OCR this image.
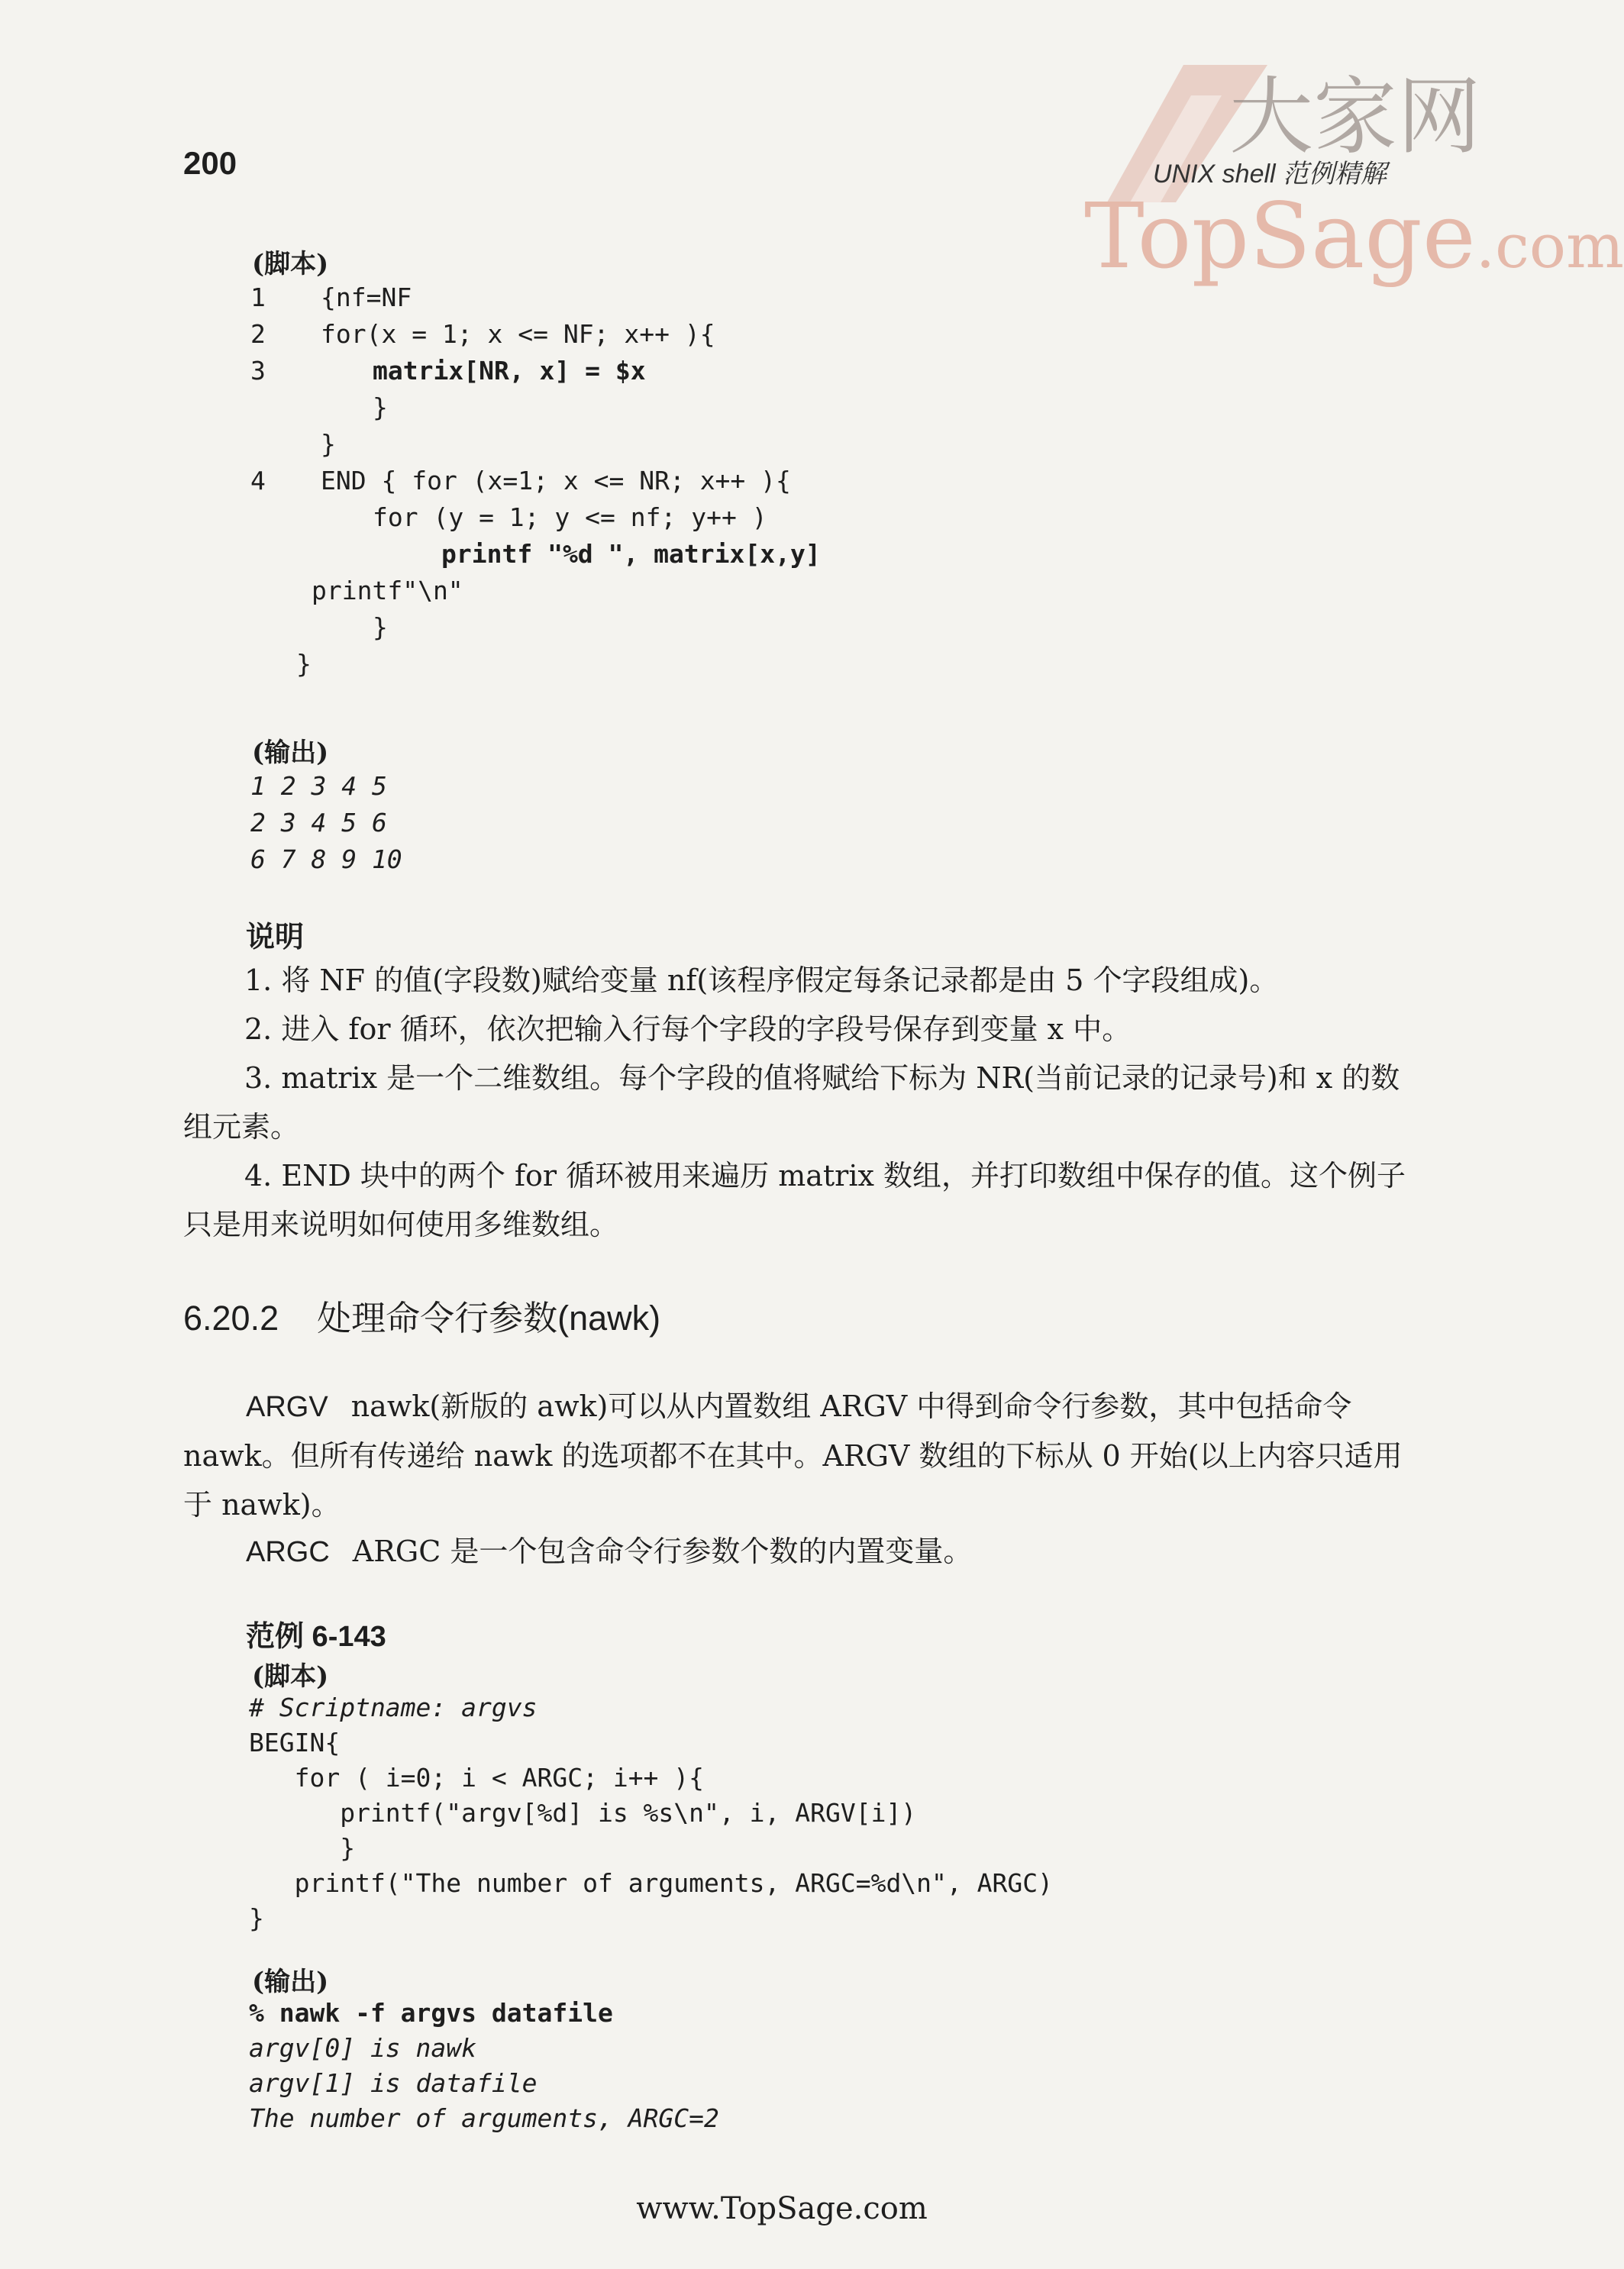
200	大家网
TopSage.com
UNIX shell 范例精解
(脚本)
1 {nf=NF
2 for(x = 1; x <= NF; x++ ){
3	matrix[NR, x] = $x
}
}
4 END { for (x=1; x <= NR; x++ ){
for (y = 1; y <= nf; y++ )
printf "%d ", matrix[x,y]
printf"\n"
}
}
(输出)
1 2 3 4 5
2 3 4 5 6
6 7 8 9 10
说明
1. 将 NF 的值(字段数)赋给变量 nf(该程序假定每条记录都是由 5 个字段组成)。
2. 进入 for 循环，依次把输入行每个字段的字段号保存到变量 x 中。
3. matrix 是一个二维数组。每个字段的值将赋给下标为 NR(当前记录的记录号)和 x 的数组元素。
4. END 块中的两个 for 循环被用来遍历 matrix 数组，并打印数组中保存的值。这个例子只是用来说明如何使用多维数组。
6.20.2 处理命令行参数(nawk)
ARGV nawk(新版的 awk)可以从内置数组 ARGV 中得到命令行参数，其中包括命令nawk。但所有传递给 nawk 的选项都不在其中。ARGV 数组的下标从 0 开始(以上内容只适用于 nawk)。
ARGC ARGC 是一个包含命令行参数个数的内置变量。
范例 6-143
(脚本)
# Scriptname: argvs
BEGIN{
for ( i=0; i < ARGC; i++ ){
printf("argv[%d] is %s\n", i, ARGV[i])
}
printf("The number of arguments, ARGC=%d\n", ARGC)
}
(输出)
% nawk -f argvs datafile
argv[0] is nawk
argv[1] is datafile
The number of arguments, ARGC=2
www.TopSage.com
